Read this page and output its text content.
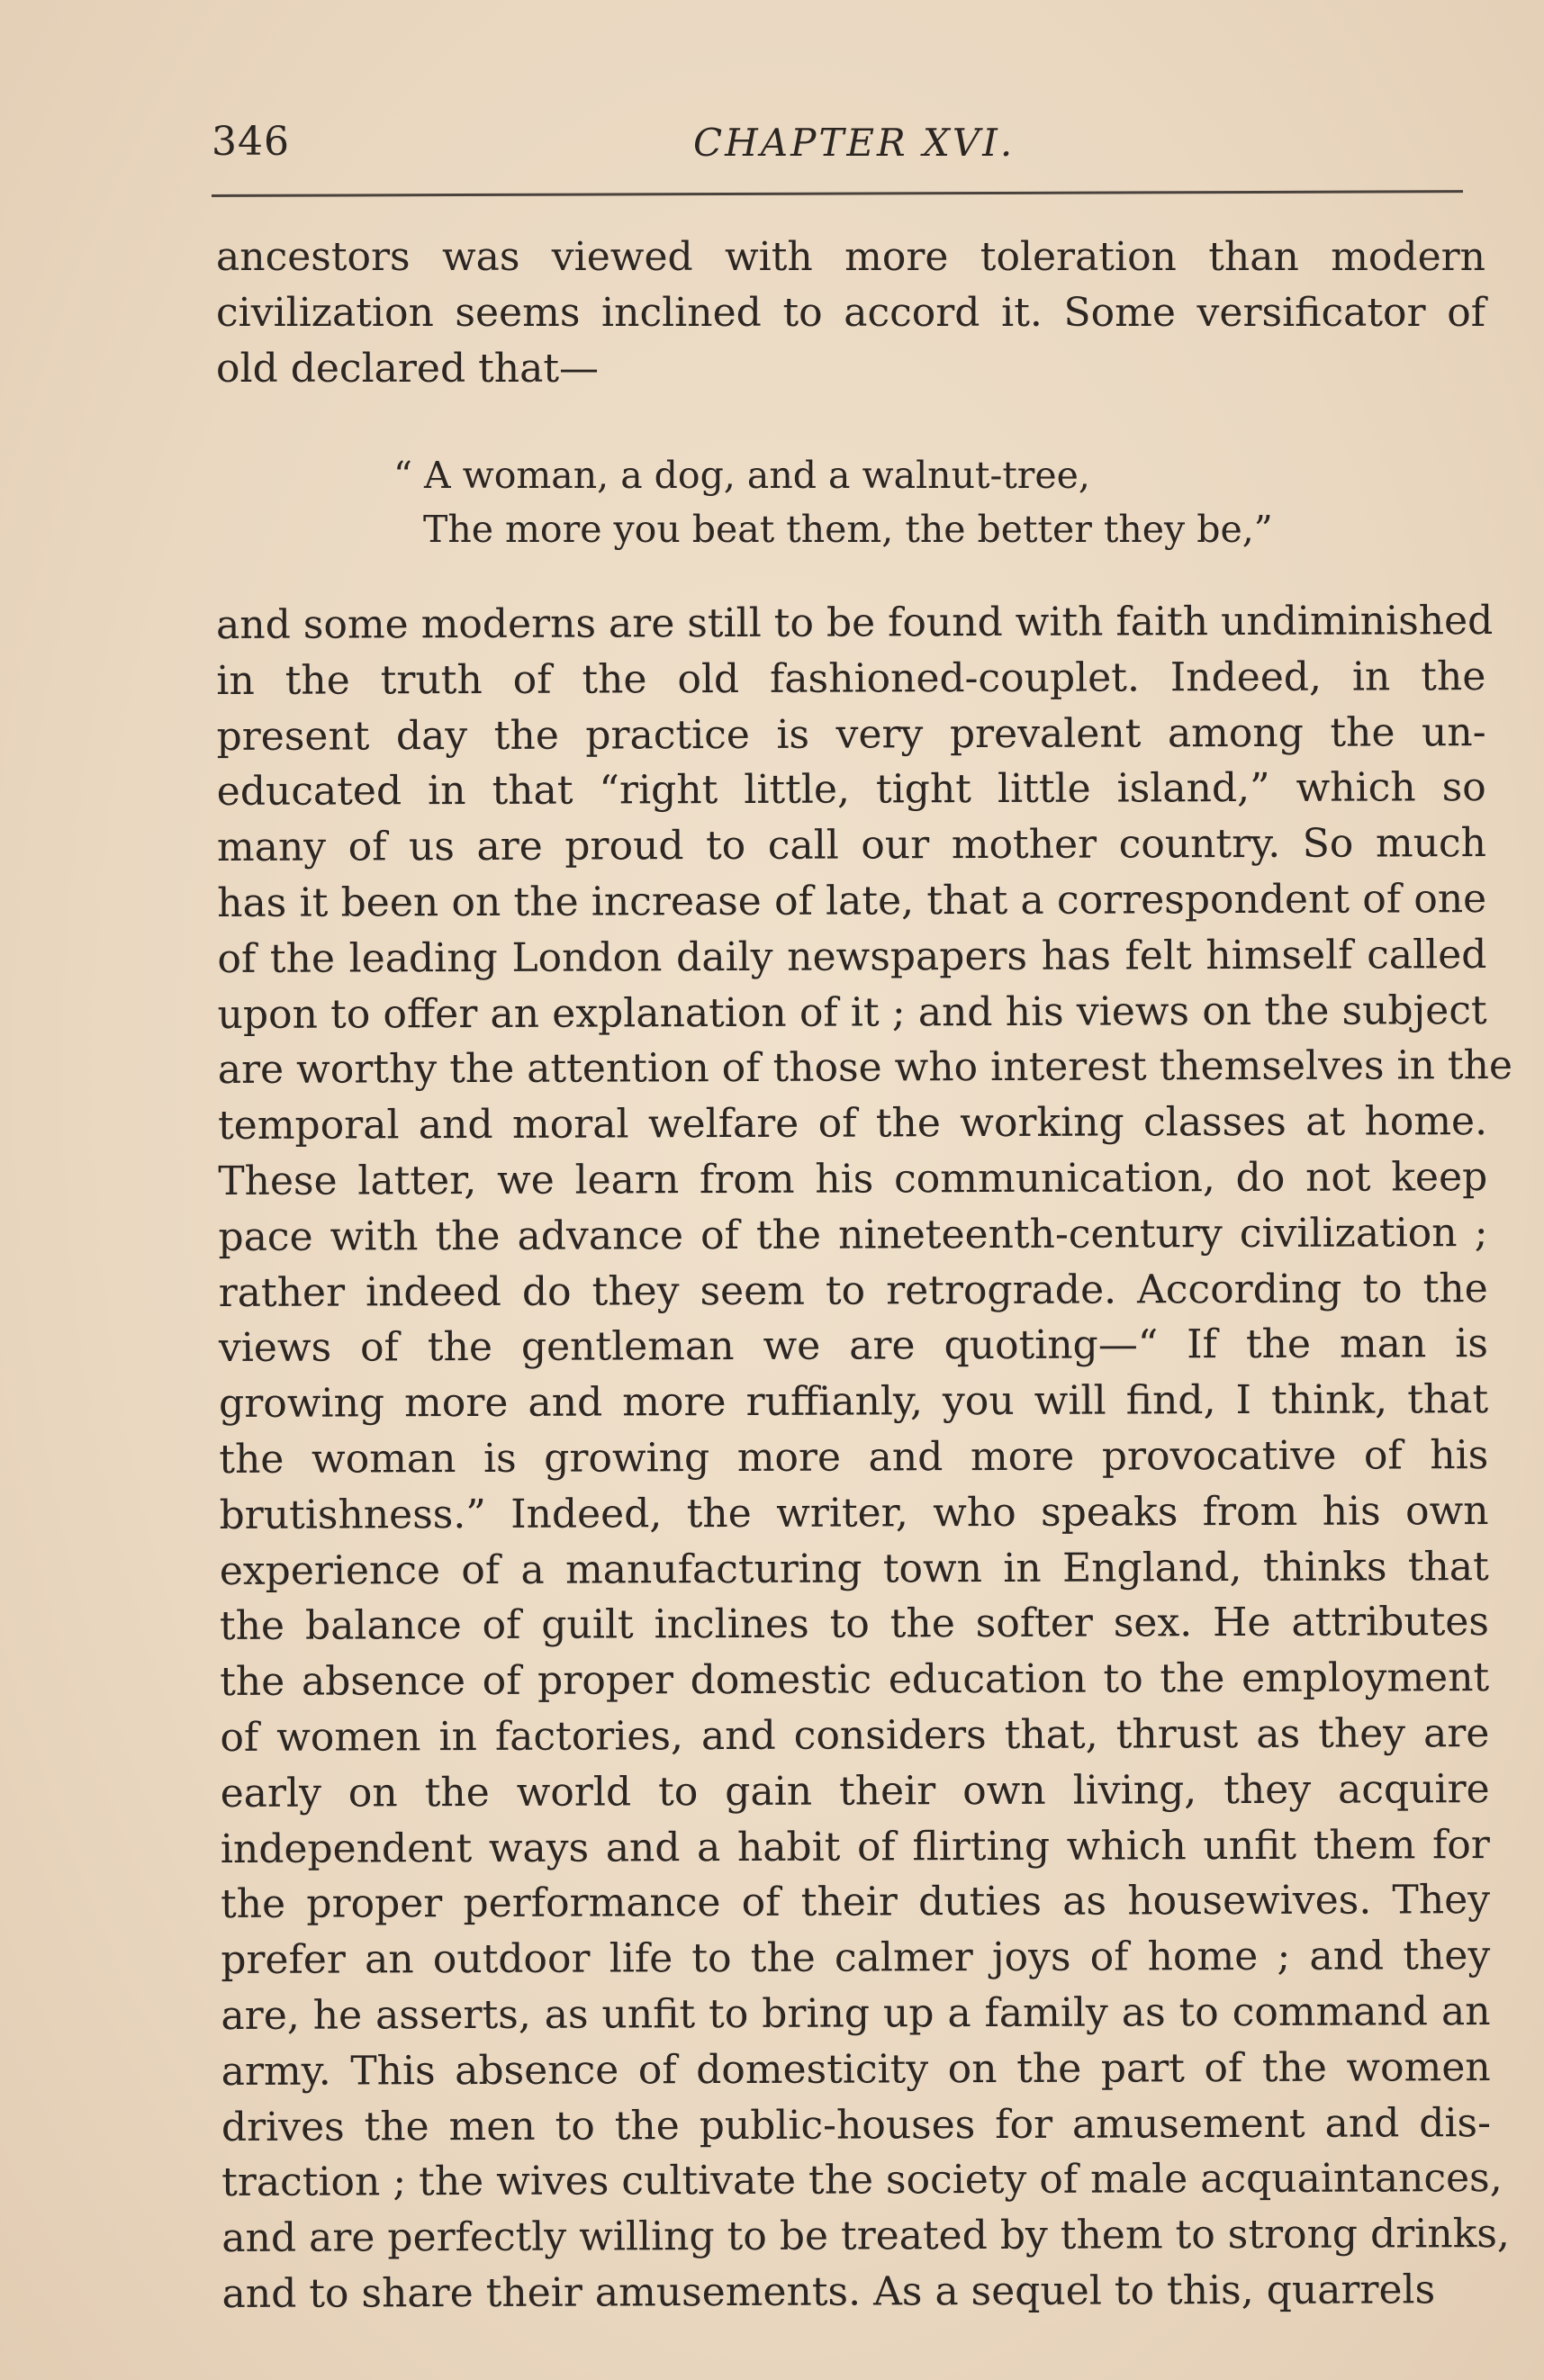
346	CHAPTER XVI.

ancestors was viewed with more toleration than modern
civilization seems inclined to accord it. Some versificator of
old declared that—

“ A woman, a dog, and a walnut-tree,
The more you beat them, the better they be,”

and some moderns are still to be found with faith undiminished
in the truth of the old fashioned-couplet. Indeed, in the
present day the practice is very prevalent among the un-
educated in that “right little, tight little island,” which so
many of us are proud to call our mother country. So much
has it been on the increase of late, that a correspondent of one
of the leading London daily newspapers has felt himself called
upon to offer an explanation of it ; and his views on the subject
are worthy the attention of those who interest themselves in the
temporal and moral welfare of the working classes at home.
These latter, we learn from his communication, do not keep
pace with the advance of the nineteenth-century civilization ;
rather indeed do they seem to retrograde. According to the
views of the gentleman we are quoting—“ If the man is
growing more and more ruffianly, you will find, I think, that
the woman is growing more and more provocative of his
brutishness.” Indeed, the writer, who speaks from his own
experience of a manufacturing town in England, thinks that
the balance of guilt inclines to the softer sex. He attributes
the absence of proper domestic education to the employment
of women in factories, and considers that, thrust as they are
early on the world to gain their own living, they acquire
independent ways and a habit of flirting which unfit them for
the proper performance of their duties as housewives. They
prefer an outdoor life to the calmer joys of home ; and they
are, he asserts, as unfit to bring up a family as to command an
army. This absence of domesticity on the part of the women
drives the men to the public-houses for amusement and dis-
traction ; the wives cultivate the society of male acquaintances,
and are perfectly willing to be treated by them to strong drinks,
and to share their amusements. As a sequel to this, quarrels
